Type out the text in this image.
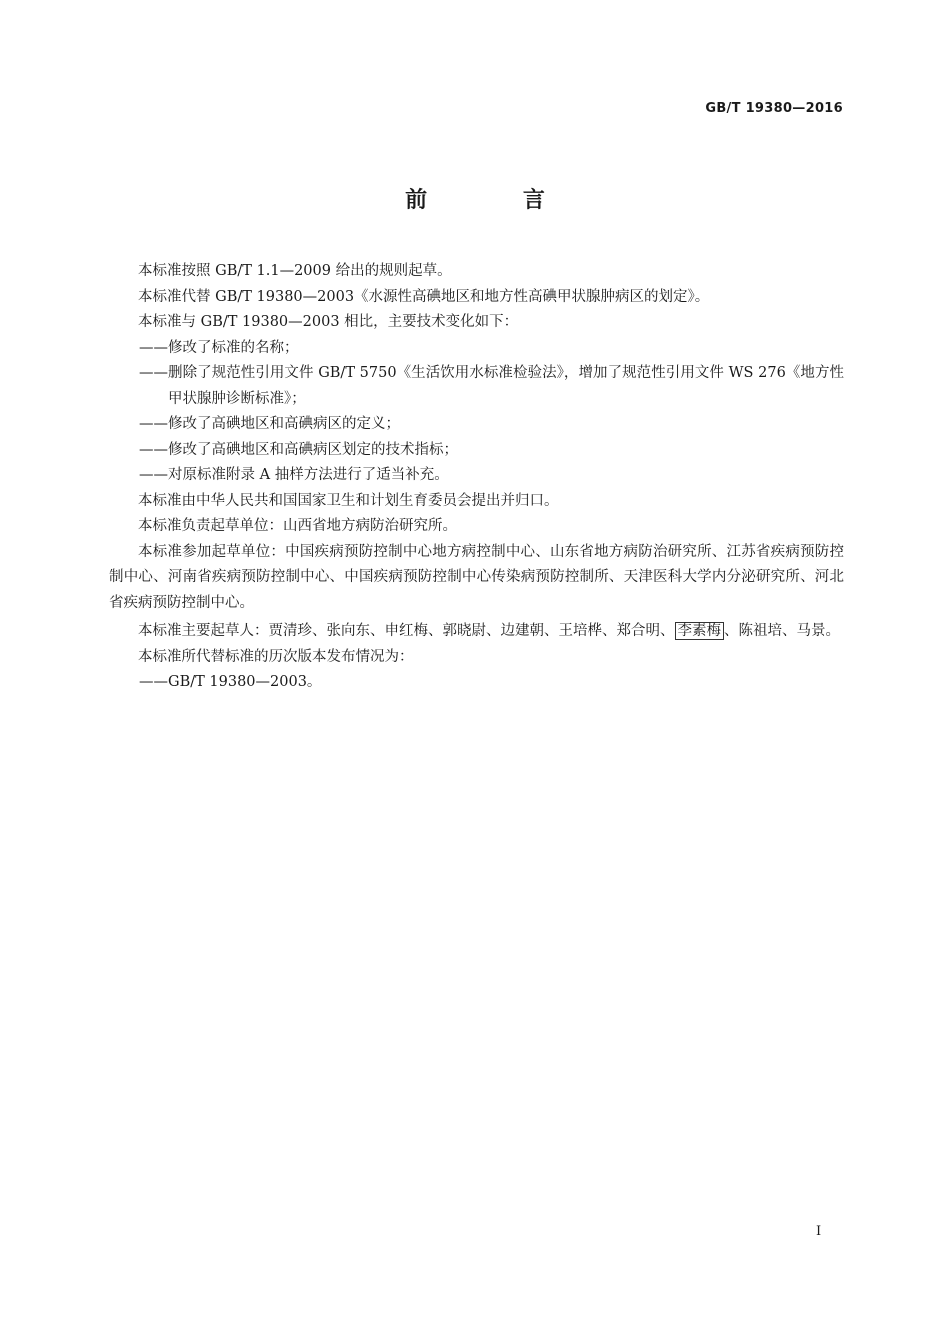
GB/T 19380—2016
前 言

本标准按照 GB/T 1.1—2009 给出的规则起草。

本标准代替 GB/T 19380—2003《水源性高碘地区和地方性高碘甲状腺肿病区的划定》。

本标准与 GB/T 19380—2003 相比，主要技术变化如下：

——修改了标准的名称；

——删除了规范性引用文件 GB/T 5750《生活饮用水标准检验法》，增加了规范性引用文件 WS 276《地方性甲状腺肿诊断标准》；

——修改了高碘地区和高碘病区的定义；

——修改了高碘地区和高碘病区划定的技术指标；

——对原标准附录 A 抽样方法进行了适当补充。

本标准由中华人民共和国国家卫生和计划生育委员会提出并归口。

本标准负责起草单位：山西省地方病防治研究所。

本标准参加起草单位：中国疾病预防控制中心地方病控制中心、山东省地方病防治研究所、江苏省疾病预防控制中心、河南省疾病预防控制中心、中国疾病预防控制中心传染病预防控制所、天津医科大学内分泌研究所、河北省疾病预防控制中心。

本标准主要起草人：贾清珍、张向东、申红梅、郭晓尉、边建朝、王培桦、郑合明、 李素梅 、陈祖培、马景。

本标准所代替标准的历次版本发布情况为：

——GB/T 19380—2003。

I
